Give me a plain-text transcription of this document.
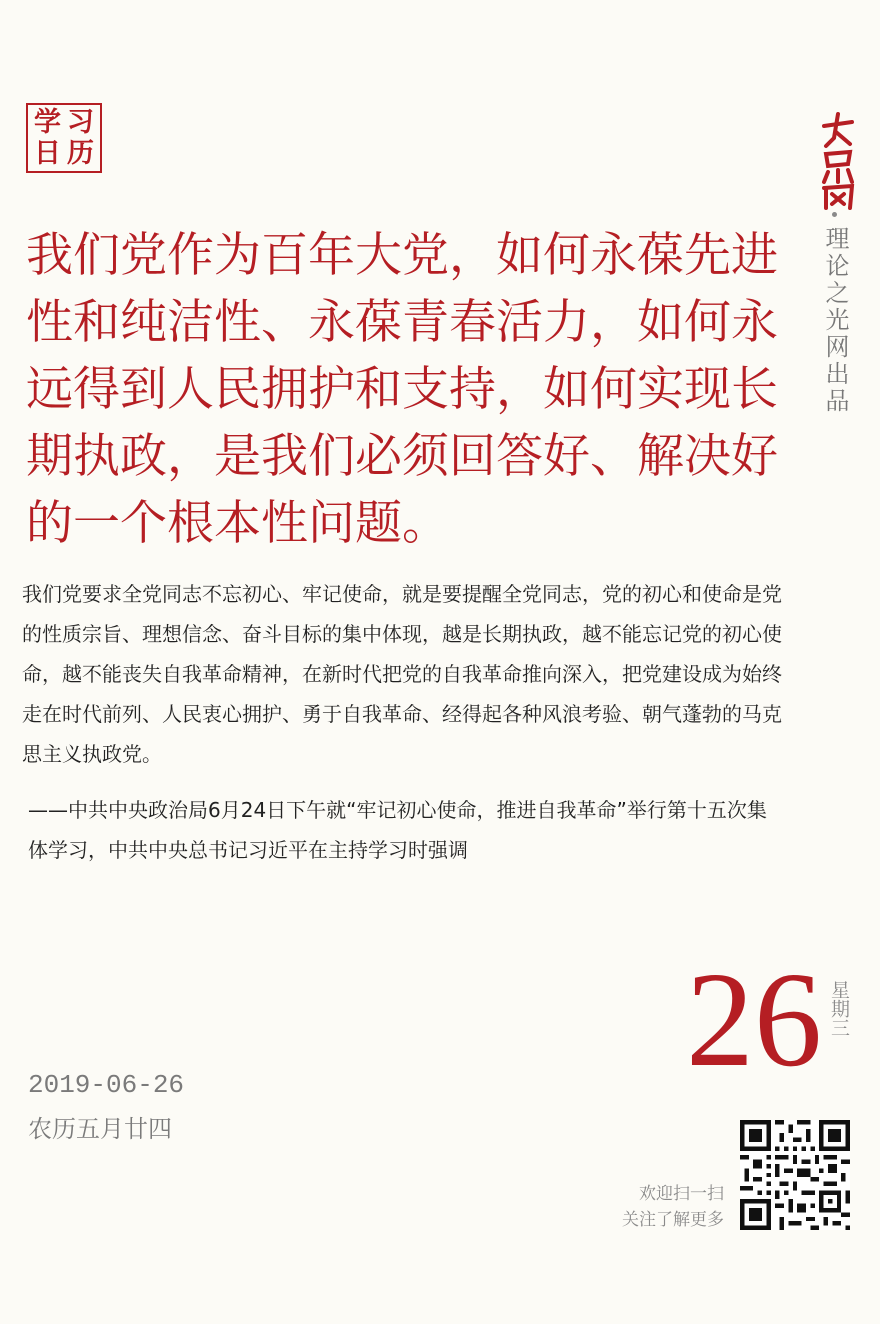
学 习
日 历
理论之光网出品
我们党作为百年大党，如何永葆先进性和纯洁性、永葆青春活力，如何永远得到人民拥护和支持，如何实现长期执政，是我们必须回答好、解决好的一个根本性问题。

我们党要求全党同志不忘初心、牢记使命，就是要提醒全党同志，党的初心和使命是党的性质宗旨、理想信念、奋斗目标的集中体现，越是长期执政，越不能忘记党的初心使命，越不能丧失自我革命精神，在新时代把党的自我革命推向深入，把党建设成为始终走在时代前列、人民衷心拥护、勇于自我革命、经得起各种风浪考验、朝气蓬勃的马克思主义执政党。

——中共中央政治局6月24日下午就“牢记初心使命，推进自我革命”举行第十五次集体学习，中共中央总书记习近平在主持学习时强调

26 星期三
2019-06-26
农历五月廿四
欢迎扫一扫
关注了解更多
